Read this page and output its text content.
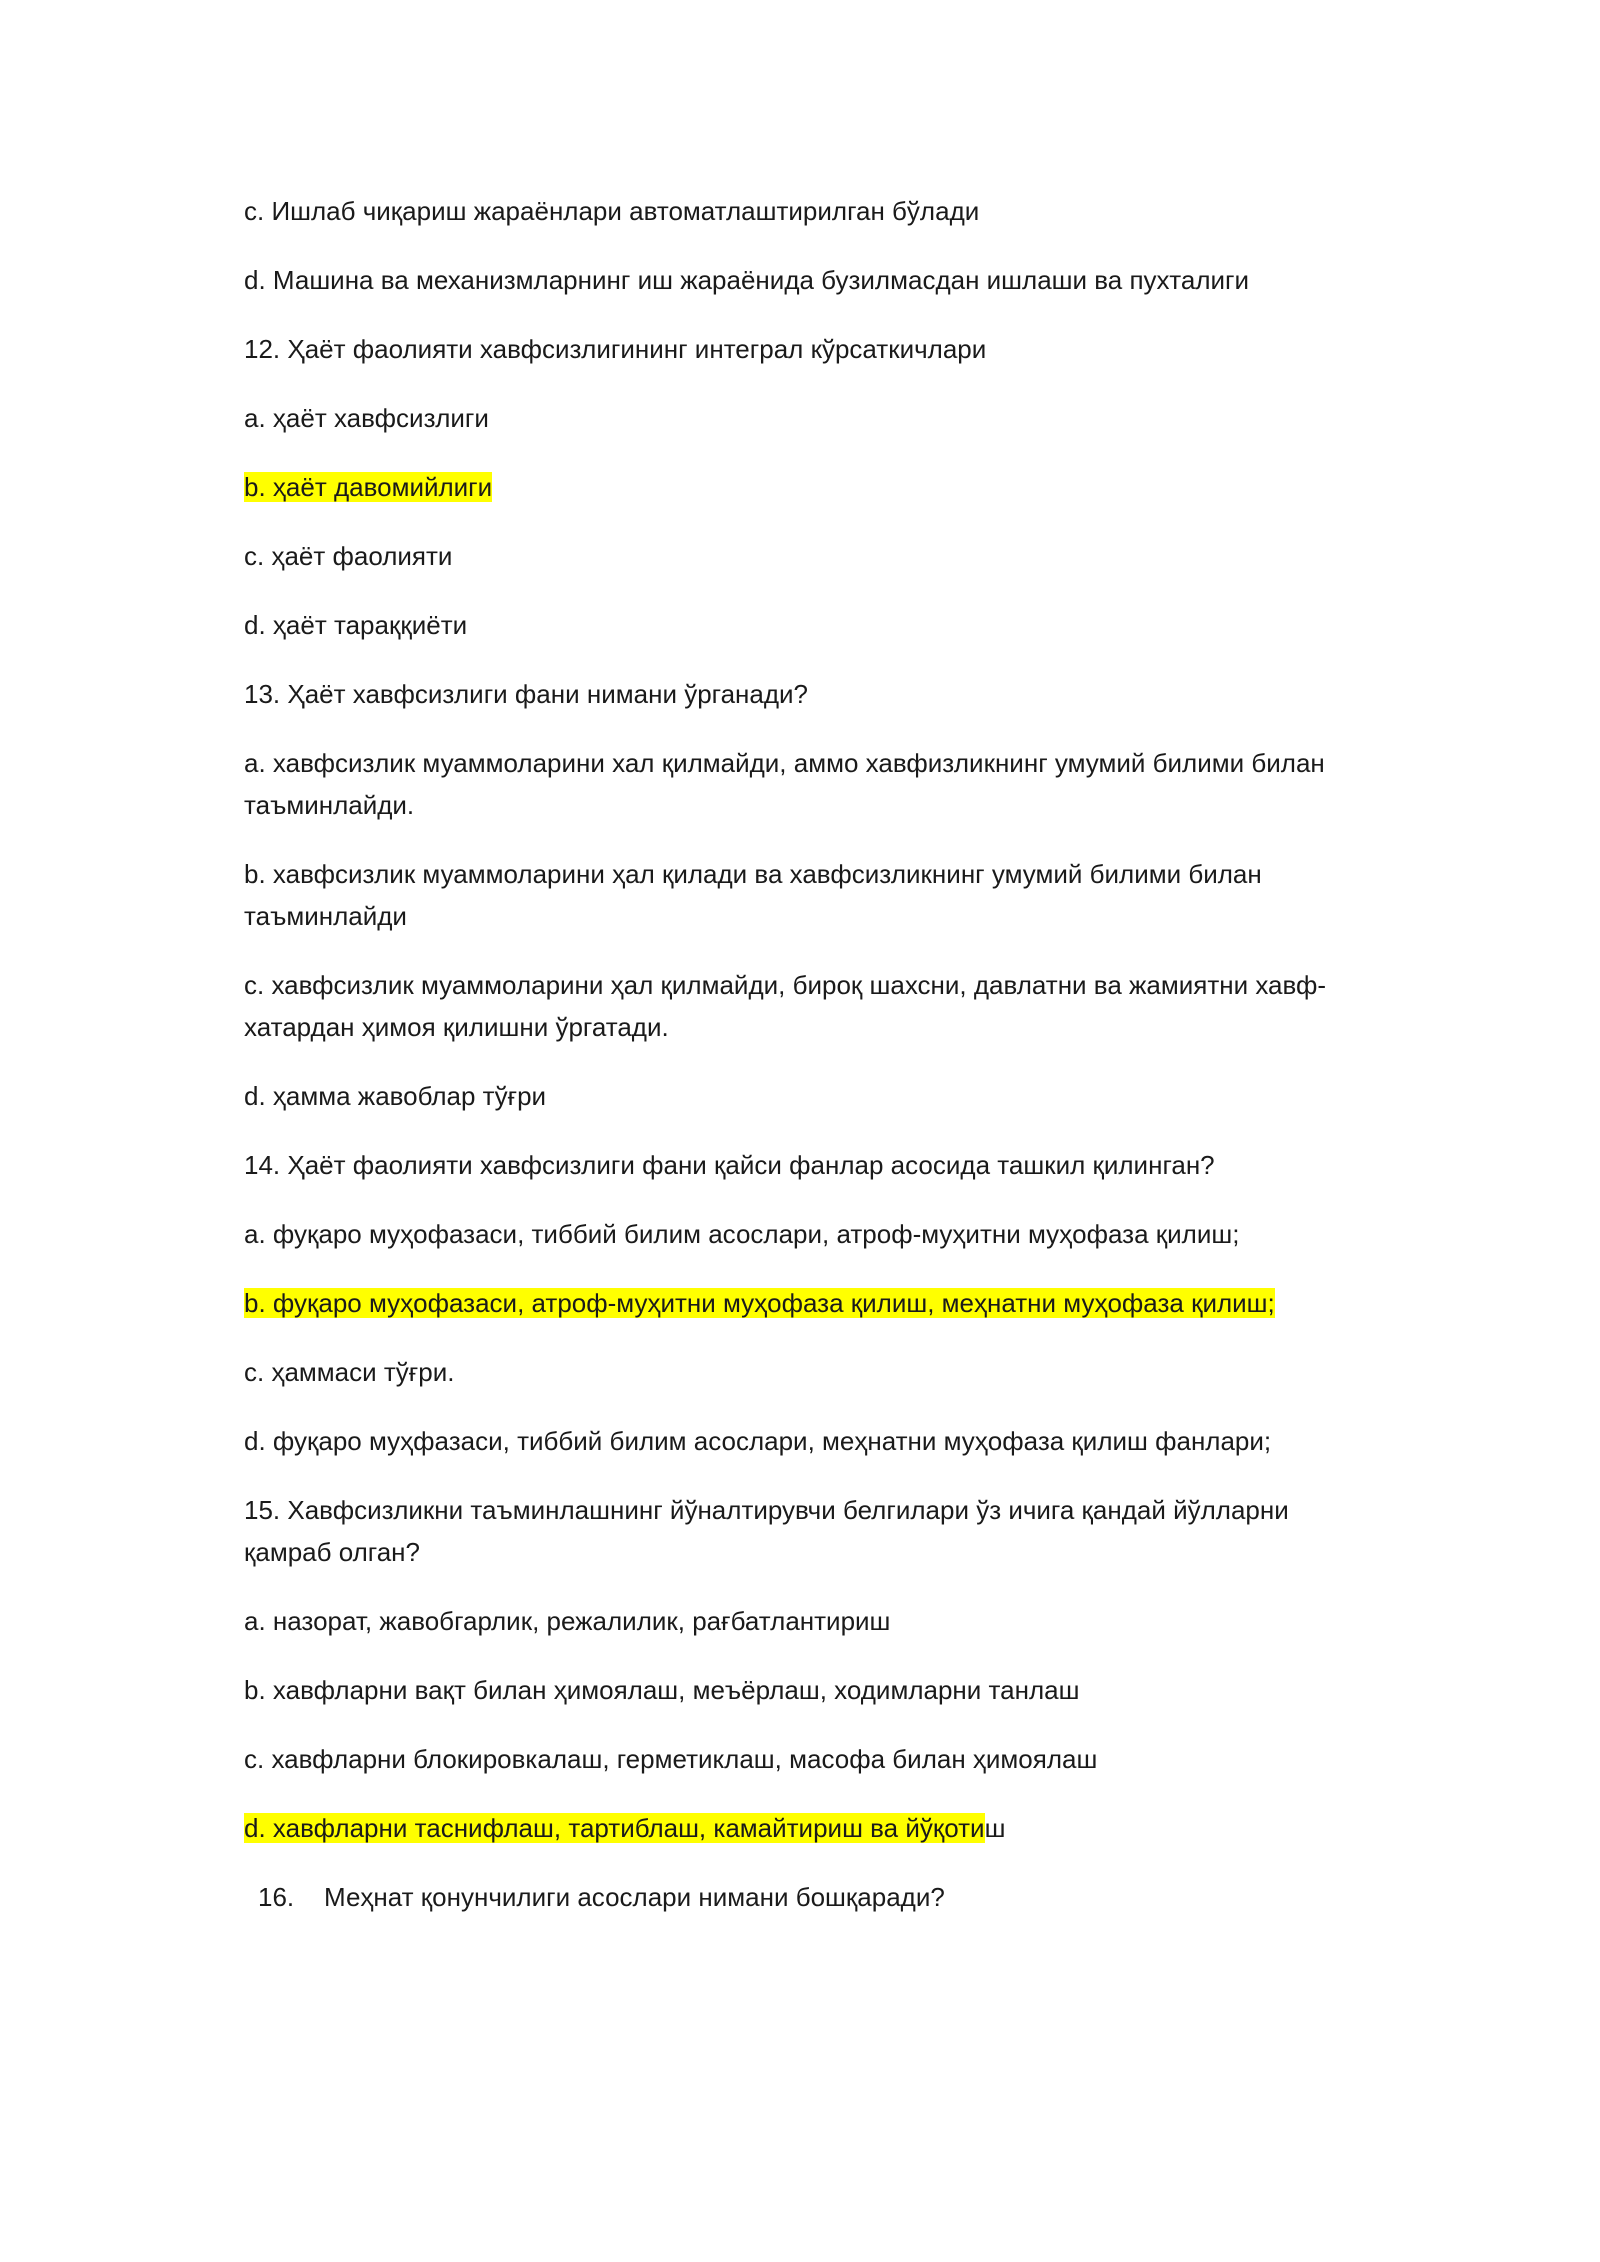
c. Ишлаб чиқариш жараёнлари автоматлаштирилган бўлади

d. Машина ва механизмларнинг иш жараёнида бузилмасдан ишлаши ва пухталиги

12. Ҳаёт фаолияти хавфсизлигининг интеграл кўрсаткичлари

a. ҳаёт хавфсизлиги

b. ҳаёт давомийлиги

c. ҳаёт фаолияти

d. ҳаёт тараққиёти

13. Ҳаёт хавфсизлиги фани нимани ўрганади?

a. хавфсизлик муаммоларини хал қилмайди, аммо хавфизликнинг умумий билими билан таъминлайди.

b. хавфсизлик муаммоларини ҳал қилади ва хавфсизликнинг умумий билими билан таъминлайди

c. хавфсизлик муаммоларини ҳал қилмайди, бироқ шахсни, давлатни ва жамиятни хавф-хатардан ҳимоя қилишни ўргатади.

d. ҳамма жавоблар тўғри

14. Ҳаёт фаолияти хавфсизлиги фани қайси фанлар асосида ташкил қилинган?

a. фуқаро муҳофазаси, тиббий билим асослари, атроф-муҳитни муҳофаза қилиш;

b. фуқаро муҳофазаси, атроф-муҳитни муҳофаза қилиш, меҳнатни муҳофаза қилиш;

c. ҳаммаси тўғри.

d. фуқаро муҳфазаси, тиббий билим асослари, меҳнатни муҳофаза қилиш фанлари;

15. Хавфсизликни таъминлашнинг йўналтирувчи белгилари ўз ичига қандай йўлларни қамраб олган?

a. назорат, жавобгарлик, режалилик, рағбатлантириш

b. хавфларни вақт билан ҳимоялаш, меъёрлаш, ходимларни танлаш

c. хавфларни блокировкалаш, герметиклаш, масофа билан ҳимоялаш

d. хавфларни таснифлаш, тартиблаш, камайтириш ва йўқотиш

16. Меҳнат қонунчилиги асослари нимани бошқаради?
